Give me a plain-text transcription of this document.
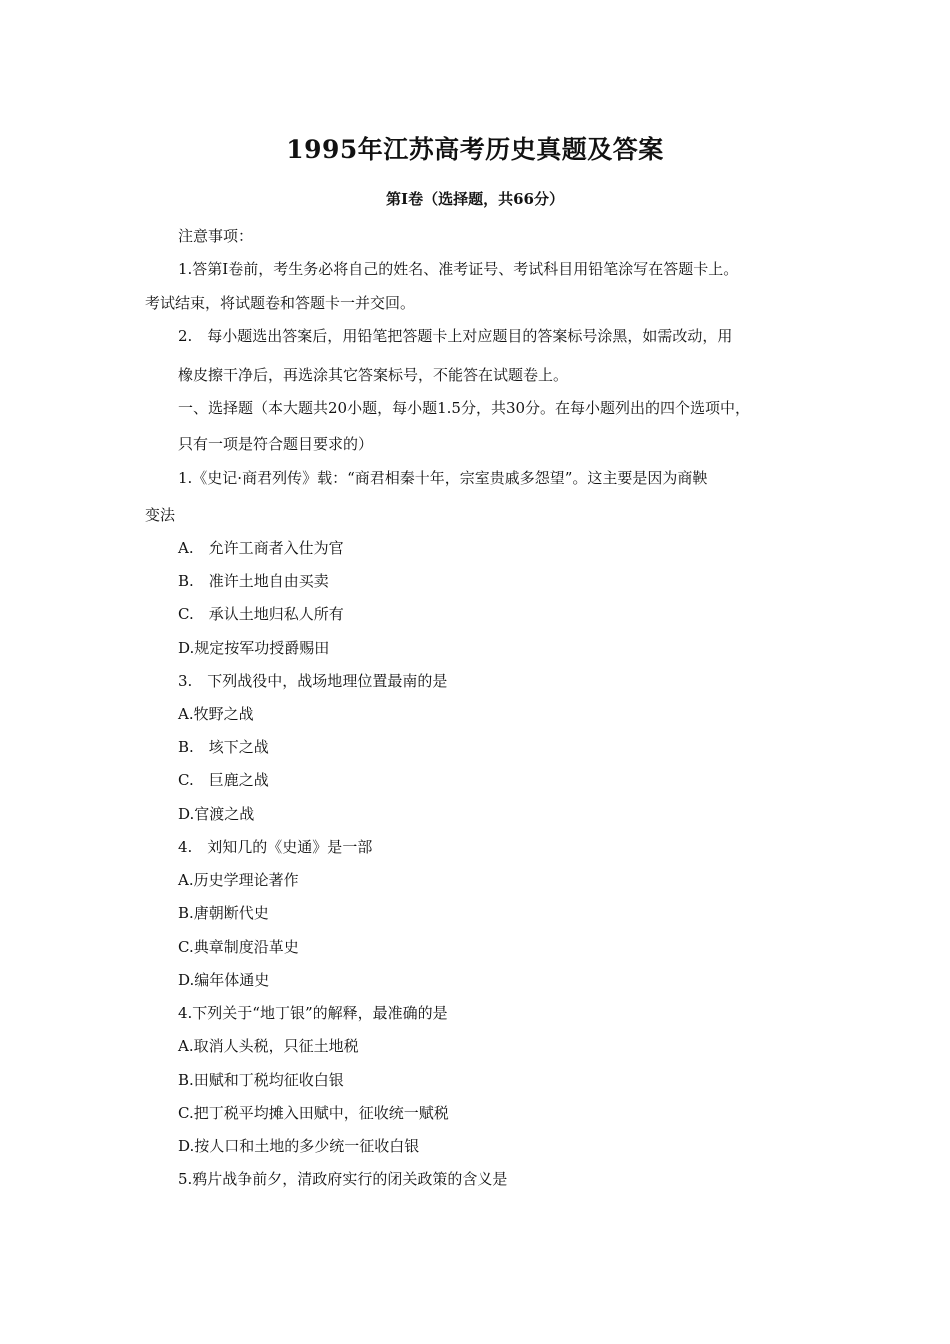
1995年江苏高考历史真题及答案
第Ⅰ卷（选择题，共66分）
注意事项：
1.答第Ⅰ卷前，考生务必将自己的姓名、准考证号、考试科目用铅笔涂写在答题卡上。
考试结束，将试题卷和答题卡一并交回。
2.　每小题选出答案后，用铅笔把答题卡上对应题目的答案标号涂黑，如需改动，用
橡皮擦干净后，再选涂其它答案标号，不能答在试题卷上。
一、选择题（本大题共20小题，每小题1.5分，共30分。在每小题列出的四个选项中，
只有一项是符合题目要求的）
1.《史记·商君列传》载：“商君相秦十年，宗室贵戚多怨望”。这主要是因为商鞅
变法
A.　允许工商者入仕为官
B.　准许土地自由买卖
C.　承认土地归私人所有
D.规定按军功授爵赐田
3.　下列战役中，战场地理位置最南的是
A.牧野之战
B.　垓下之战
C.　巨鹿之战
D.官渡之战
4.　刘知几的《史通》是一部
A.历史学理论著作
B.唐朝断代史
C.典章制度沿革史
D.编年体通史
4.下列关于“地丁银”的解释，最准确的是
A.取消人头税，只征土地税
B.田赋和丁税均征收白银
C.把丁税平均摊入田赋中，征收统一赋税
D.按人口和土地的多少统一征收白银
5.鸦片战争前夕，清政府实行的闭关政策的含义是
